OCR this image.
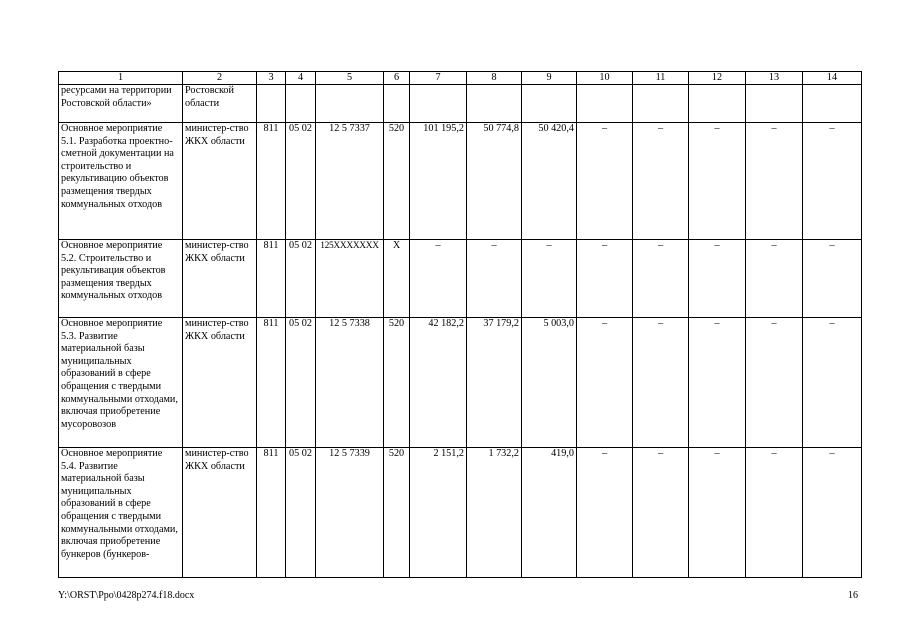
1	2	3	4	5	6	7	8	9	10	11	12	13	14
ресурсами на территории Ростовской области»	Ростовской области												
Основное мероприятие 5.1. Разработка проектно-сметной документации на строительство и рекультивацию объектов размещения твердых коммунальных отходов	министер-ство ЖКХ области	811	05 02	12 5 7337	520	101 195,2	50 774,8	50 420,4	–	–	–	–	–
Основное мероприятие 5.2. Строительство и рекультивация объектов размещения твердых коммунальных отходов	министер-ство ЖКХ области	811	05 02	125XXXXXXX	Х	–	–	–	–	–	–	–	–
Основное мероприятие 5.3. Развитие материальной базы муниципальных образований в сфере обращения с твердыми коммунальными отходами, включая приобретение мусоровозов	министер-ство ЖКХ области	811	05 02	12 5 7338	520	42 182,2	37 179,2	5 003,0	–	–	–	–	–
Основное мероприятие 5.4. Развитие материальной базы муниципальных образований в сфере обращения с твердыми коммунальными отходами, включая приобретение бункеров (бункеров-	министер-ство ЖКХ области	811	05 02	12 5 7339	520	2 151,2	1 732,2	419,0	–	–	–	–	–
Y:\ORST\Ppo\0428p274.f18.docx	16
